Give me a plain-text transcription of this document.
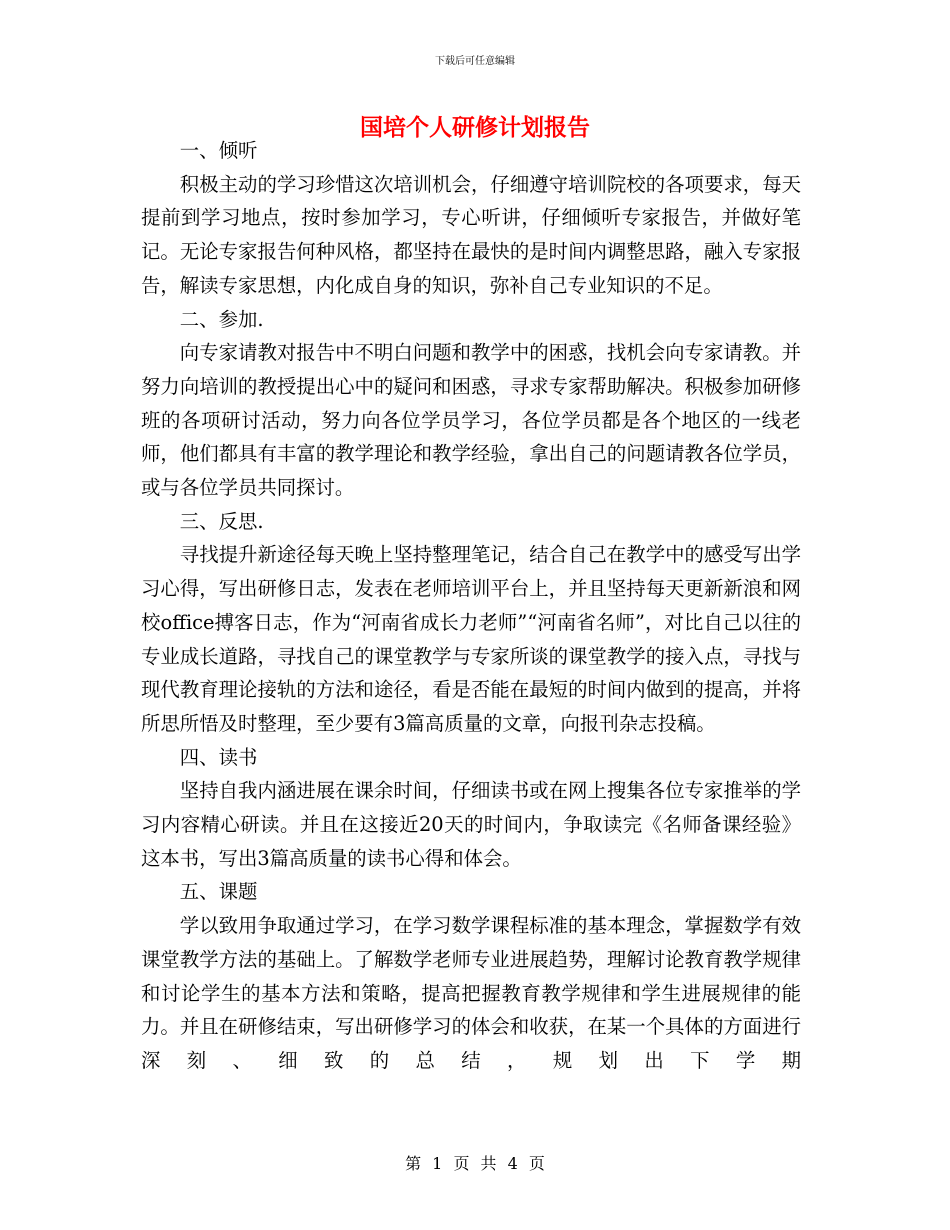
下载后可任意编辑
国培个人研修计划报告

一、倾听

积极主动的学习珍惜这次培训机会，仔细遵守培训院校的各项要求，每天提前到学习地点，按时参加学习，专心听讲，仔细倾听专家报告，并做好笔记。无论专家报告何种风格，都坚持在最快的是时间内调整思路，融入专家报告，解读专家思想，内化成自身的知识，弥补自己专业知识的不足。

二、参加.

向专家请教对报告中不明白问题和教学中的困惑，找机会向专家请教。并努力向培训的教授提出心中的疑问和困惑，寻求专家帮助解决。积极参加研修班的各项研讨活动，努力向各位学员学习，各位学员都是各个地区的一线老师，他们都具有丰富的教学理论和教学经验，拿出自己的问题请教各位学员，或与各位学员共同探讨。

三、反思.

寻找提升新途径每天晚上坚持整理笔记，结合自己在教学中的感受写出学习心得，写出研修日志，发表在老师培训平台上，并且坚持每天更新新浪和网校office搏客日志，作为“河南省成长力老师”“河南省名师”，对比自己以往的专业成长道路，寻找自己的课堂教学与专家所谈的课堂教学的接入点，寻找与现代教育理论接轨的方法和途径，看是否能在最短的时间内做到的提高，并将所思所悟及时整理，至少要有3篇高质量的文章，向报刊杂志投稿。

四、读书

坚持自我内涵进展在课余时间，仔细读书或在网上搜集各位专家推举的学习内容精心研读。并且在这接近20天的时间内，争取读完《名师备课经验》这本书，写出3篇高质量的读书心得和体会。

五、课题

学以致用争取通过学习，在学习数学课程标准的基本理念，掌握数学有效课堂教学方法的基础上。了解数学老师专业进展趋势，理解讨论教育教学规律和讨论学生的基本方法和策略，提高把握教育教学规律和学生进展规律的能力。并且在研修结束，写出研修学习的体会和收获，在某一个具体的方面进行深刻、细致的总结，规划出下学期

第 1 页 共 4 页
